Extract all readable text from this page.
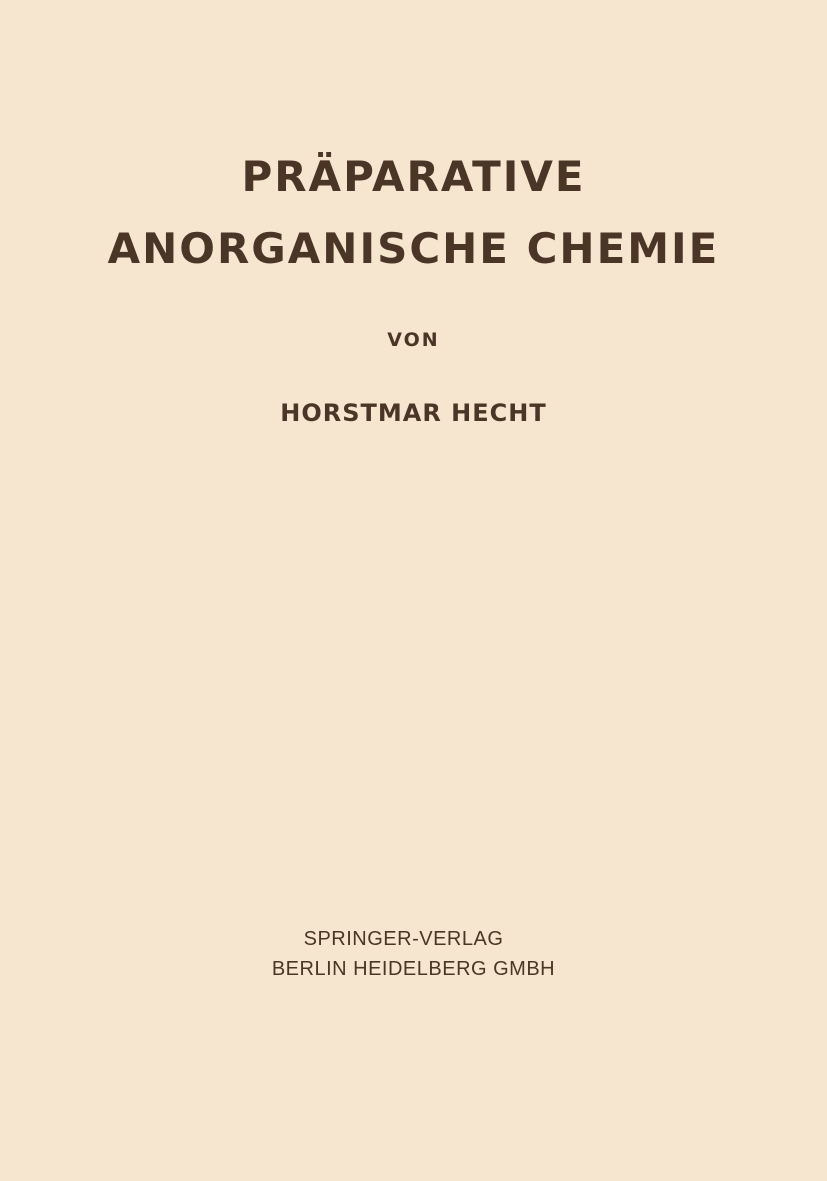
PRÄPARATIVE
ANORGANISCHE CHEMIE
VON
HORSTMAR HECHT
SPRINGER-VERLAG
BERLIN HEIDELBERG GMBH
